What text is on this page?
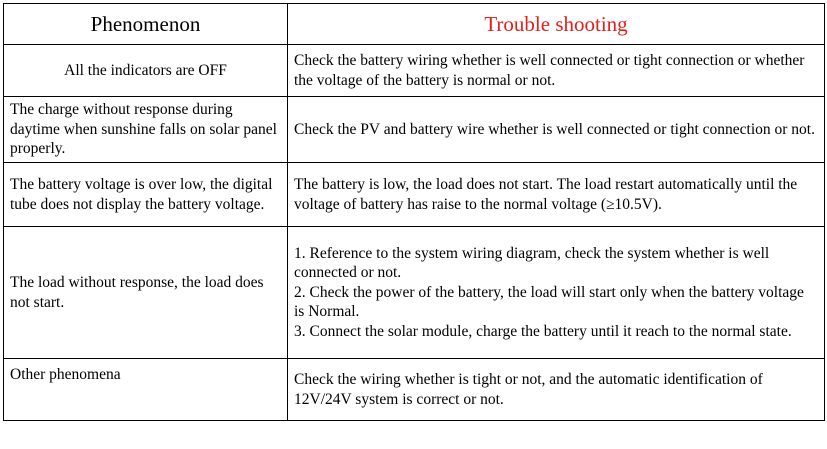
Phenomenon	Trouble shooting
All the indicators are OFF	Check the battery wiring whether is well connected or tight connection or whether the voltage of the battery is normal or not.
The charge without response during daytime when sunshine falls on solar panel properly.	Check the PV and battery wire whether is well connected or tight connection or not.
The battery voltage is over low, the digital tube does not display the battery voltage.	The battery is low, the load does not start. The load restart automatically until the voltage of battery has raise to the normal voltage (≥10.5V).
The load without response, the load does not start.	1. Reference to the system wiring diagram, check the system whether is well connected or not.
2. Check the power of the battery, the load will start only when the battery voltage is Normal.
3. Connect the solar module, charge the battery until it reach to the normal state.

Other phenomena	Check the wiring whether is tight or not, and the automatic identification of 12V/24V system is correct or not.
